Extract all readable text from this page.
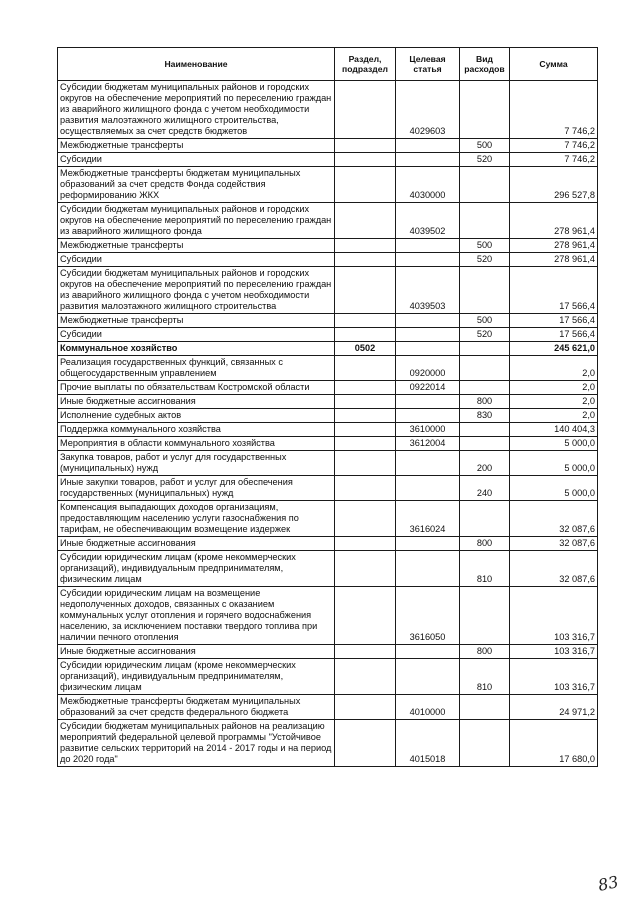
Наименование	Раздел, подраздел	Целевая статья	Вид расходов	Сумма
Субсидии бюджетам муниципальных районов и городских округов на обеспечение мероприятий по переселению граждан из аварийного жилищного фонда с учетом необходимости развития малоэтажного жилищного строительства, осуществляемых за счет средств бюджетов		4029603		7 746,2
Межбюджетные трансферты			500	7 746,2
Субсидии			520	7 746,2
Межбюджетные трансферты бюджетам муниципальных образований за счет средств Фонда содействия реформированию ЖКХ		4030000		296 527,8
Субсидии бюджетам муниципальных районов и городских округов на обеспечение мероприятий по переселению граждан из аварийного жилищного фонда		4039502		278 961,4
Межбюджетные трансферты			500	278 961,4
Субсидии			520	278 961,4
Субсидии бюджетам муниципальных районов и городских округов на обеспечение мероприятий по переселению граждан из аварийного жилищного фонда с учетом необходимости развития малоэтажного жилищного строительства		4039503		17 566,4
Межбюджетные трансферты			500	17 566,4
Субсидии			520	17 566,4
Коммунальное хозяйство	0502			245 621,0
Реализация государственных функций, связанных с общегосударственным управлением		0920000		2,0
Прочие выплаты по обязательствам Костромской области		0922014		2,0
Иные бюджетные ассигнования			800	2,0
Исполнение судебных актов			830	2,0
Поддержка коммунального хозяйства		3610000		140 404,3
Мероприятия в области коммунального хозяйства		3612004		5 000,0
Закупка товаров, работ и услуг для государственных (муниципальных) нужд			200	5 000,0
Иные закупки товаров, работ и услуг для обеспечения государственных (муниципальных) нужд			240	5 000,0
Компенсация выпадающих доходов организациям, предоставляющим населению услуги газоснабжения по тарифам, не обеспечивающим возмещение издержек		3616024		32 087,6
Иные бюджетные ассигнования			800	32 087,6
Субсидии юридическим лицам (кроме некоммерческих организаций), индивидуальным предпринимателям, физическим лицам			810	32 087,6
Субсидии юридическим лицам на возмещение недополученных доходов, связанных с оказанием коммунальных услуг отопления и горячего водоснабжения населению, за исключением поставки твердого топлива при наличии печного отопления		3616050		103 316,7
Иные бюджетные ассигнования			800	103 316,7
Субсидии юридическим лицам (кроме некоммерческих организаций), индивидуальным предпринимателям, физическим лицам			810	103 316,7
Межбюджетные трансферты бюджетам муниципальных образований за счет средств федерального бюджета		4010000		24 971,2
Субсидии бюджетам муниципальных районов на реализацию мероприятий федеральной целевой программы "Устойчивое развитие сельских территорий на 2014 - 2017 годы и на период до 2020 года"		4015018		17 680,0
83
